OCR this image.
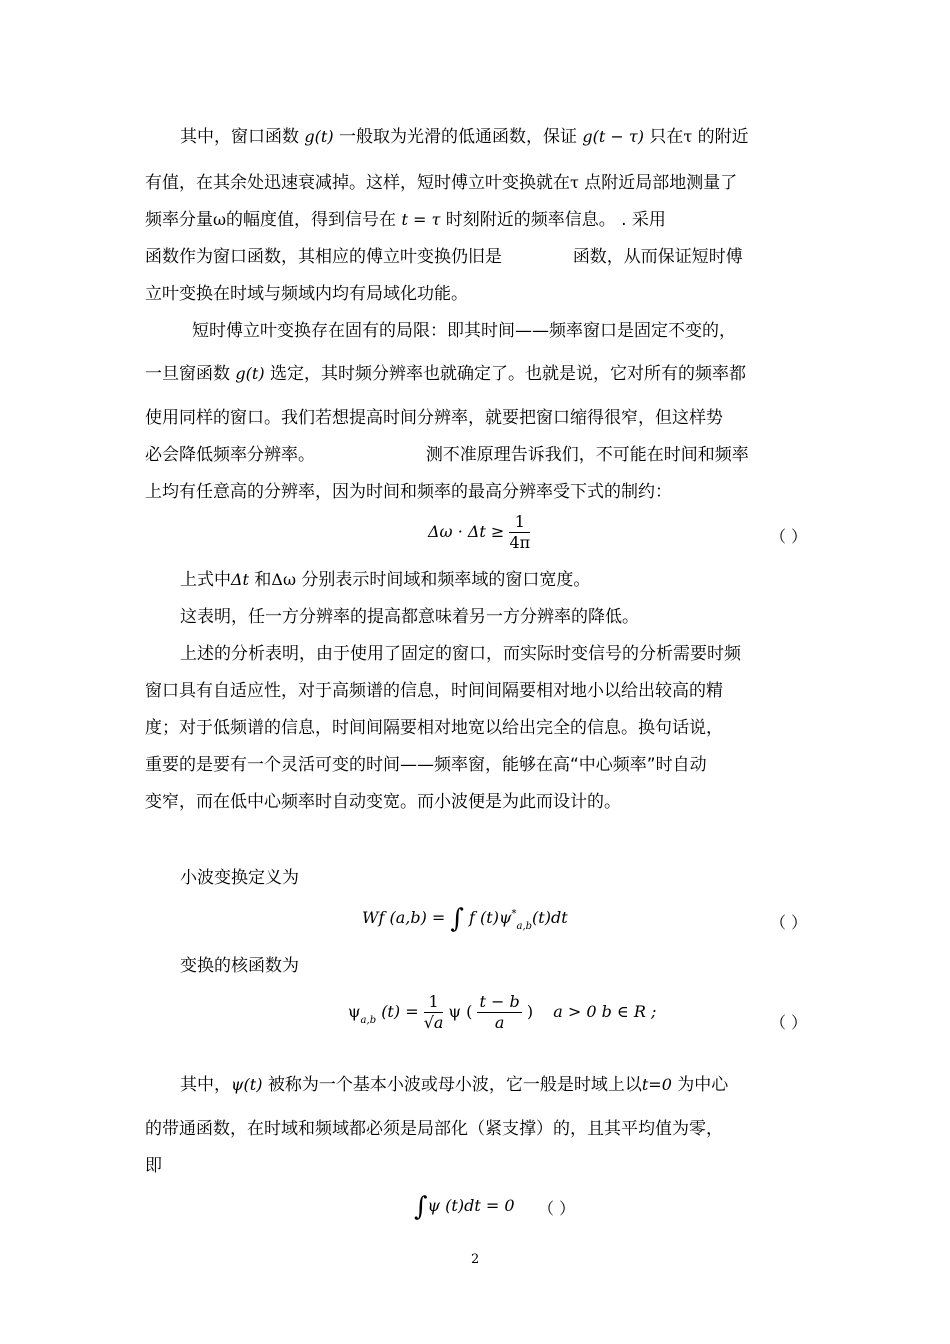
其中，窗口函数 g(t) 一般取为光滑的低通函数，保证 g(t − τ) 只在τ 的附近
有值，在其余处迅速衰减掉。这样，短时傅立叶变换就在τ 点附近局部地测量了
频率分量ω的幅度值，得到信号在 t = τ 时刻附近的频率信息。 . 采用
函数作为窗口函数，其相应的傅立叶变换仍旧是	函数，从而保证短时傅
立叶变换在时域与频域内均有局域化功能。
短时傅立叶变换存在固有的局限：即其时间——频率窗口是固定不变的，
一旦窗函数 g(t) 选定，其时频分辨率也就确定了。也就是说，它对所有的频率都
使用同样的窗口。我们若想提高时间分辨率，就要把窗口缩得很窄，但这样势
必会降低频率分辨率。	测不准原理告诉我们，不可能在时间和频率
上均有任意高的分辨率，因为时间和频率的最高分辨率受下式的制约：
$\Delta\omega \cdot \Delta t \ge \frac{1}{4\pi}$	（ ）
上式中Δt 和Δω 分别表示时间域和频率域的窗口宽度。
这表明，任一方分辨率的提高都意味着另一方分辨率的降低。
上述的分析表明，由于使用了固定的窗口，而实际时变信号的分析需要时频
窗口具有自适应性，对于高频谱的信息，时间间隔要相对地小以给出较高的精
度；对于低频谱的信息，时间间隔要相对地宽以给出完全的信息。换句话说，
重要的是要有一个灵活可变的时间——频率窗，能够在高“中心频率”时自动
变窄，而在低中心频率时自动变宽。而小波便是为此而设计的。
小波变换定义为
Wf (a,b) = ∫ f $(t)\psi^*_{a,b}(t)dt$	（ ）
变换的核函数为
$\psi_{a,b}$ $(t) = \frac{1}{√a}$ ψ ( $\frac{t - b}{a}$ ) a > 0 b ∈ R ;
（ ）
其中，ψ(t) 被称为一个基本小波或母小波，它一般是时域上以t=0 为中心
的带通函数，在时域和频域都必须是局部化（紧支撑）的，且其平均值为零，
即
∫ψ (t)dt = 0 （ ）
2
